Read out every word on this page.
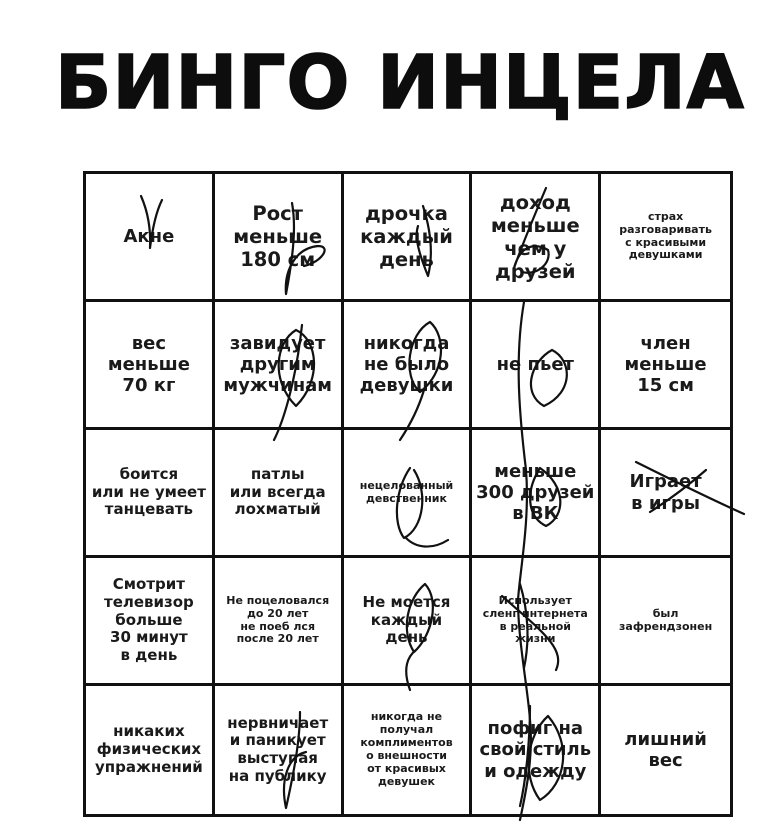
БИНГО ИНЦЕЛА
Акне
Рост
меньше
180 см
дрочка
каждый
день
доход
меньше
чем у
друзей
страх
разговаривать
с красивыми
девушками
вес
меньше
70 кг
завидует
другим
мужчинам
никогда
не было
девушки
не пьет
член
меньше
15 см
боится
или не умеет
танцевать
патлы
или всегда
лохматый
нецелованный
девственник
меньше
300 друзей
в ВК
Играет
в игры
Смотрит
телевизор
больше
30 минут
в день
Не поцеловался
до 20 лет
не поеб лся
после 20 лет
Не моется
каждый
день
Использует
сленг интернета
в реальной
жизни
был
зафрендзонен
никаких
физических
упражнений
нервничает
и паникует
выступая
на публику
никогда не
получал
комплиментов
о внешности
от красивых
девушек
пофиг на
свой стиль
и одежду
лишний
вес
